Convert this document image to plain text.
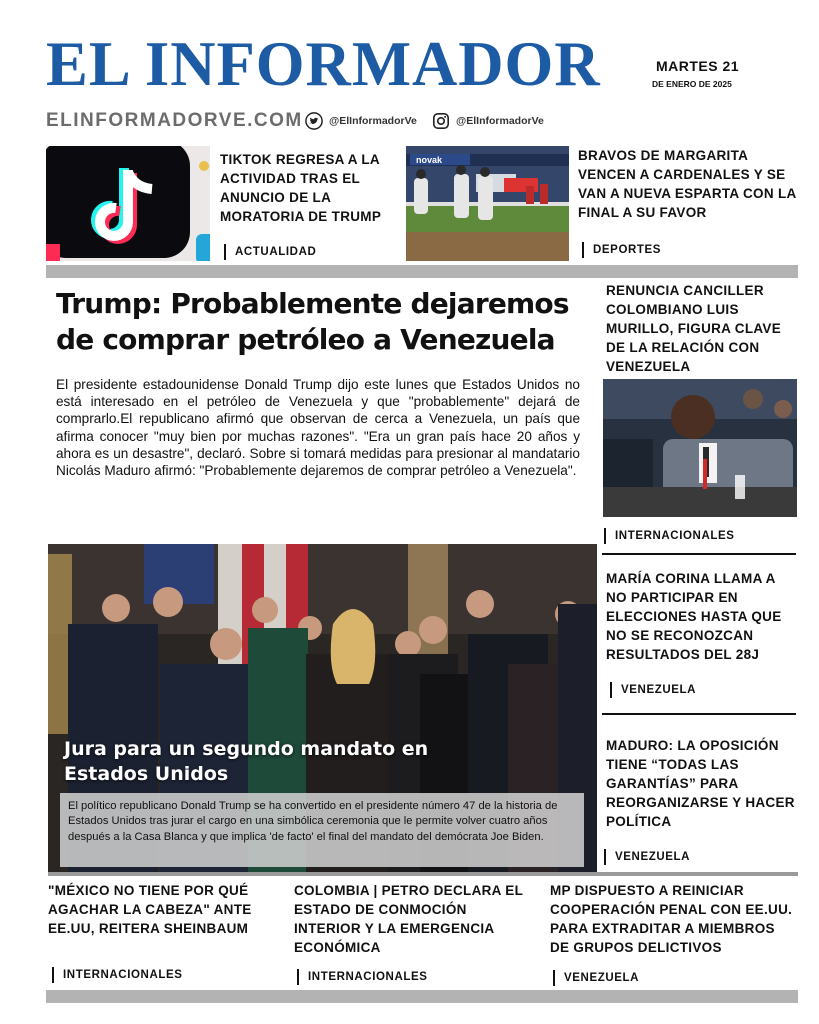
EL INFORMADOR	MARTES 21
DE ENERO DE 2025
ELINFORMADORVE.COM @ElInformadorVe	@ElInformadorVe
TIKTOK REGRESA A LA ACTIVIDAD TRAS EL ANUNCIO DE LA MORATORIA DE TRUMP
ACTUALIDAD
novak	BRAVOS DE MARGARITA VENCEN A CARDENALES Y SE VAN A NUEVA ESPARTA CON LA FINAL A SU FAVOR
DEPORTES
Trump: Probablemente dejaremos de comprar petróleo a Venezuela
El presidente estadounidense Donald Trump dijo este lunes que Estados Unidos no está interesado en el petróleo de Venezuela y que "probablemente" dejará de comprarlo.El republicano afirmó que observan de cerca a Venezuela, un país que afirma conocer "muy bien por muchas razones". "Era un gran país hace 20 años y ahora es un desastre", declaró. Sobre si tomará medidas para presionar al mandatario Nicolás Maduro afirmó: "Probablemente dejaremos de comprar petróleo a Venezuela".
RENUNCIA CANCILLER COLOMBIANO LUIS MURILLO, FIGURA CLAVE DE LA RELACIÓN CON VENEZUELA
INTERNACIONALES
MARÍA CORINA LLAMA A NO PARTICIPAR EN ELECCIONES HASTA QUE NO SE RECONOZCAN RESULTADOS DEL 28J
VENEZUELA
MADURO: LA OPOSICIÓN TIENE “TODAS LAS GARANTÍAS” PARA REORGANIZARSE Y HACER POLÍTICA
VENEZUELA
Jura para un segundo mandato en Estados Unidos
El político republicano Donald Trump se ha convertido en el presidente número 47 de la historia de Estados Unidos tras jurar el cargo en una simbólica ceremonia que le permite volver cuatro años después a la Casa Blanca y que implica 'de facto' el final del mandato del demócrata Joe Biden.
"MÉXICO NO TIENE POR QUÉ AGACHAR LA CABEZA" ANTE EE.UU, REITERA SHEINBAUM
INTERNACIONALES
COLOMBIA | PETRO DECLARA EL ESTADO DE CONMOCIÓN INTERIOR Y LA EMERGENCIA ECONÓMICA
INTERNACIONALES
MP DISPUESTO A REINICIAR COOPERACIÓN PENAL CON EE.UU. PARA EXTRADITAR A MIEMBROS DE GRUPOS DELICTIVOS
VENEZUELA
